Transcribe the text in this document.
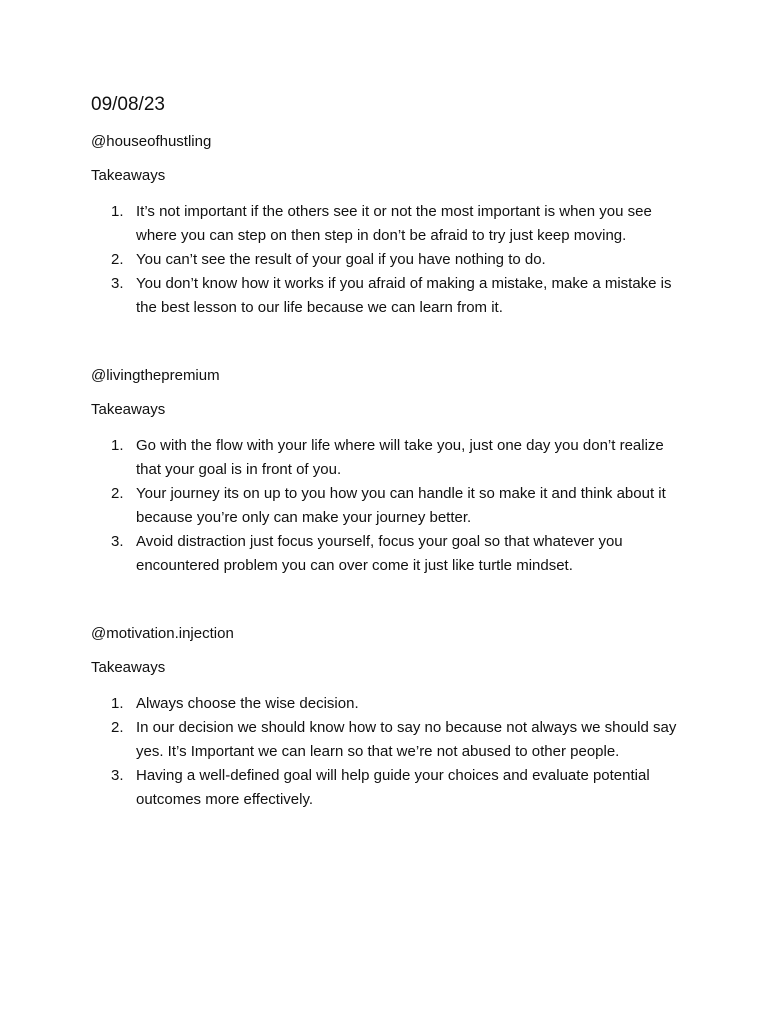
09/08/23
@houseofhustling
Takeaways
1. It’s not important if the others see it or not the most important is when you see where you can step on then step in don’t be afraid to try just keep moving.
2. You can’t see the result of your goal if you have nothing to do.
3. You don’t know how it works if you afraid of making a mistake, make a mistake is the best lesson to our life because we can learn from it.
@livingthepremium
Takeaways
1. Go with the flow with your life where will take you, just one day you don’t realize that your goal is in front of you.
2. Your journey its on up to you how you can handle it so make it and think about it because you’re only can make your journey better.
3. Avoid distraction just focus yourself, focus your goal so that whatever you encountered problem you can over come it just like turtle mindset.
@motivation.injection
Takeaways
1. Always choose the wise decision.
2. In our decision we should know how to say no because not always we should say yes. It’s Important we can learn so that we’re not abused to other people.
3. Having a well-defined goal will help guide your choices and evaluate potential outcomes more effectively.
